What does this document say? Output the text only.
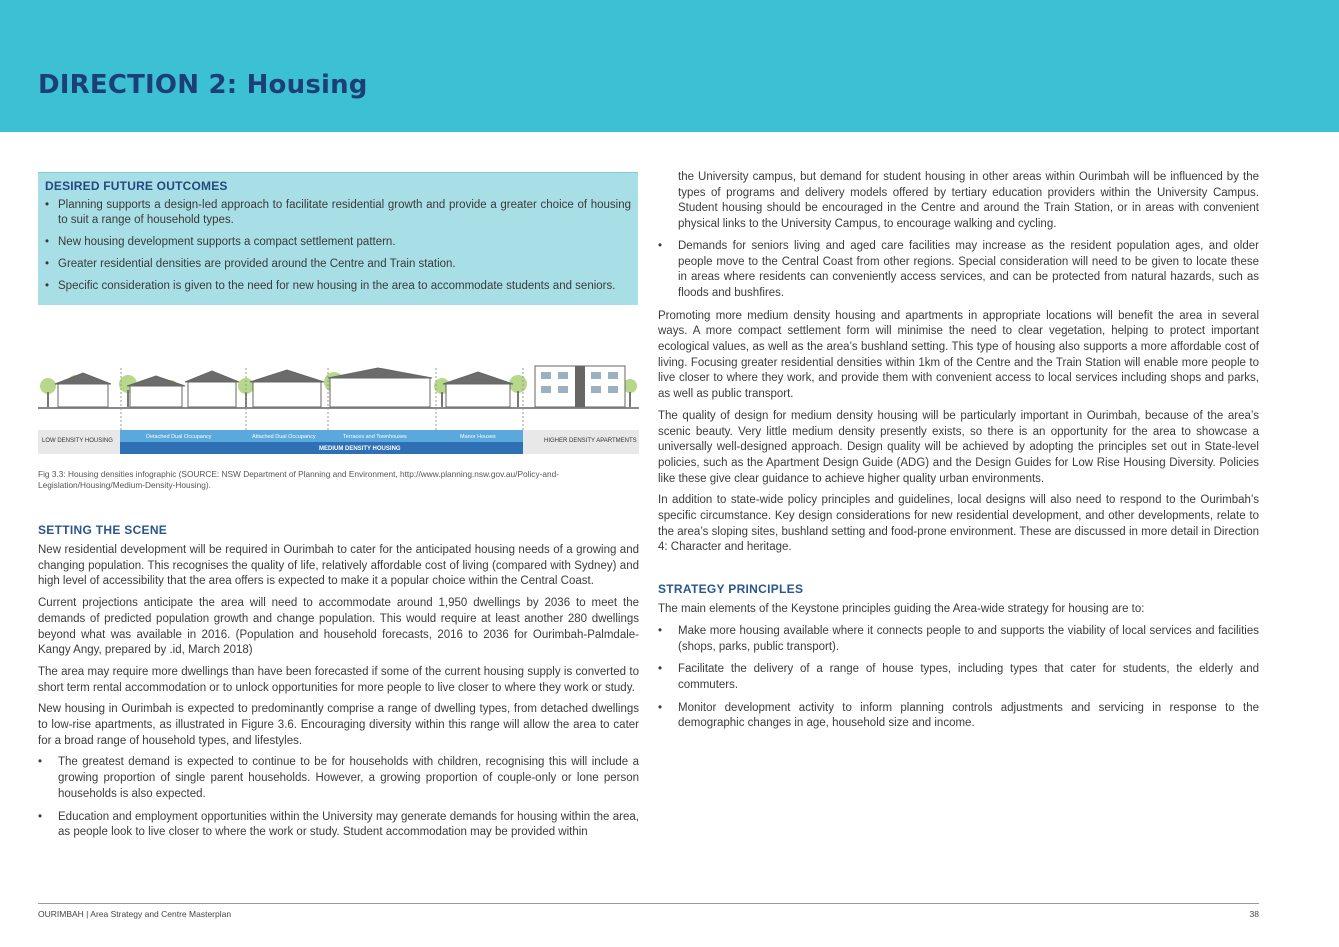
DIRECTION 2: Housing
DESIRED FUTURE OUTCOMES
• Planning supports a design-led approach to facilitate residential growth and provide a greater choice of housing to suit a range of household types.
• New housing development supports a compact settlement pattern.
• Greater residential densities are provided around the Centre and Train station.
• Specific consideration is given to the need for new housing in the area to accommodate students and seniors.
LOW DENSITY HOUSING
Detached Dual Occupancy	Attached Dual Occupancy	Terraces and Townhouses	Manor Houses
MEDIUM DENSITY HOUSING
HIGHER DENSITY APARTMENTS
Fig 3.3: Housing densities infographic (SOURCE: NSW Department of Planning and Environment, http://www.planning.nsw.gov.au/Policy-and-Legislation/Housing/Medium-Density-Housing).
SETTING THE SCENE

New residential development will be required in Ourimbah to cater for the anticipated housing needs of a growing and changing population. This recognises the quality of life, relatively affordable cost of living (compared with Sydney) and high level of accessibility that the area offers is expected to make it a popular choice within the Central Coast.

Current projections anticipate the area will need to accommodate around 1,950 dwellings by 2036 to meet the demands of predicted population growth and change population. This would require at least another 280 dwellings beyond what was available in 2016. (Population and household forecasts, 2016 to 2036 for Ourimbah-Palmdale-Kangy Angy, prepared by .id, March 2018)

The area may require more dwellings than have been forecasted if some of the current housing supply is converted to short term rental accommodation or to unlock opportunities for more people to live closer to where they work or study.

New housing in Ourimbah is expected to predominantly comprise a range of dwelling types, from detached dwellings to low-rise apartments, as illustrated in Figure 3.6. Encouraging diversity within this range will allow the area to cater for a broad range of household types, and lifestyles.

• The greatest demand is expected to continue to be for households with children, recognising this will include a growing proportion of single parent households. However, a growing proportion of couple-only or lone person households is also expected.
• Education and employment opportunities within the University may generate demands for housing within the area, as people look to live closer to where the work or study. Student accommodation may be provided within

the University campus, but demand for student housing in other areas within Ourimbah will be influenced by the types of programs and delivery models offered by tertiary education providers within the University Campus. Student housing should be encouraged in the Centre and around the Train Station, or in areas with convenient physical links to the University Campus, to encourage walking and cycling.

• Demands for seniors living and aged care facilities may increase as the resident population ages, and older people move to the Central Coast from other regions. Special consideration will need to be given to locate these in areas where residents can conveniently access services, and can be protected from natural hazards, such as floods and bushfires.

Promoting more medium density housing and apartments in appropriate locations will benefit the area in several ways. A more compact settlement form will minimise the need to clear vegetation, helping to protect important ecological values, as well as the area’s bushland setting. This type of housing also supports a more affordable cost of living. Focusing greater residential densities within 1km of the Centre and the Train Station will enable more people to live closer to where they work, and provide them with convenient access to local services including shops and parks, as well as public transport.

The quality of design for medium density housing will be particularly important in Ourimbah, because of the area’s scenic beauty. Very little medium density presently exists, so there is an opportunity for the area to showcase a universally well-designed approach. Design quality will be achieved by adopting the principles set out in State-level policies, such as the Apartment Design Guide (ADG) and the Design Guides for Low Rise Housing Diversity. Policies like these give clear guidance to achieve higher quality urban environments.

In addition to state-wide policy principles and guidelines, local designs will also need to respond to the Ourimbah’s specific circumstance. Key design considerations for new residential development, and other developments, relate to the area’s sloping sites, bushland setting and food-prone environment. These are discussed in more detail in Direction 4: Character and heritage.

STRATEGY PRINCIPLES

The main elements of the Keystone principles guiding the Area-wide strategy for housing are to:

• Make more housing available where it connects people to and supports the viability of local services and facilities (shops, parks, public transport).
• Facilitate the delivery of a range of house types, including types that cater for students, the elderly and commuters.
• Monitor development activity to inform planning controls adjustments and servicing in response to the demographic changes in age, household size and income.
OURIMBAH | Area Strategy and Centre Masterplan	38
